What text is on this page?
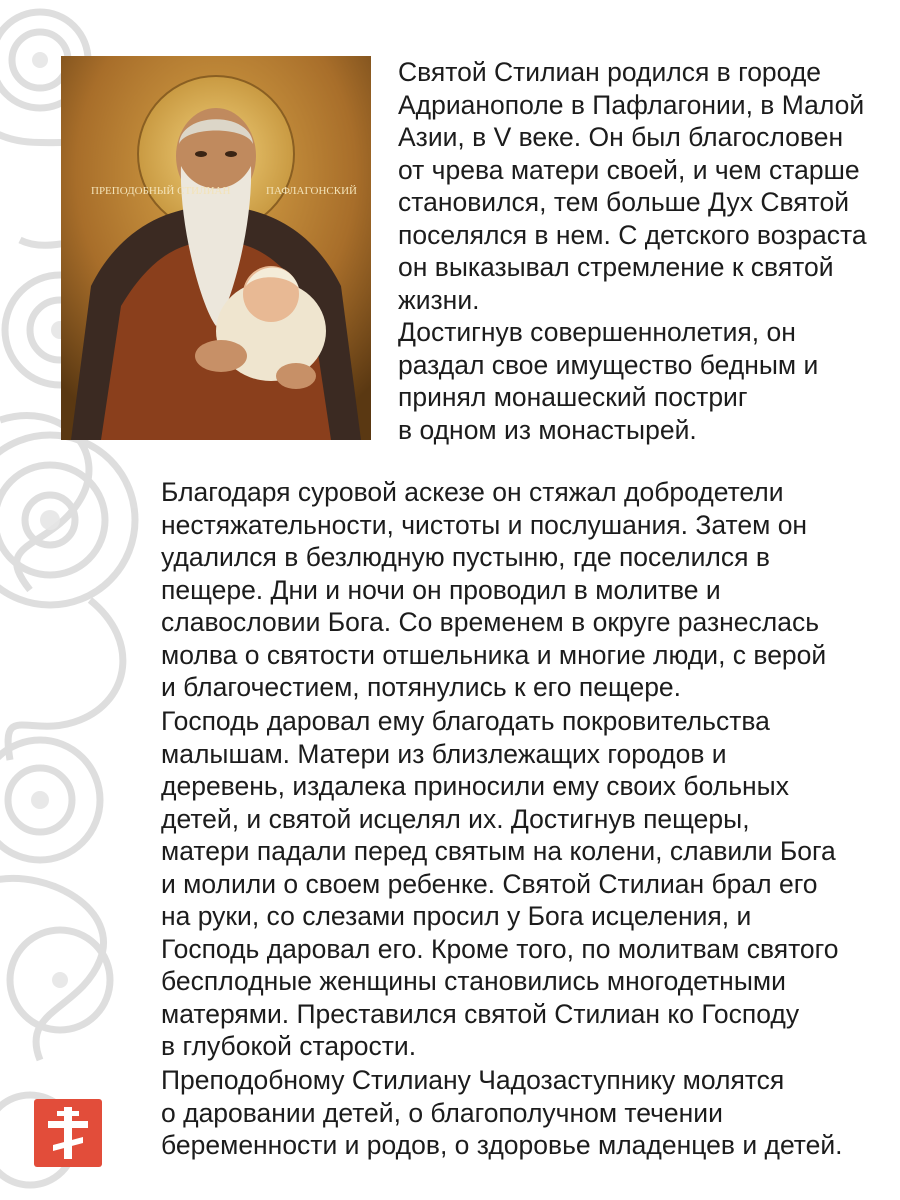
ПРЕПОДОБНЫЙ СТИЛИАН	ПАФЛАГОНСКИЙ
Святой Стилиан родился в городе
Адрианополе в Пафлагонии, в Малой
Азии, в V веке. Он был благословен
от чрева матери своей, и чем старше
становился, тем больше Дух Святой
поселялся в нем. С детского возраста
он выказывал стремление к святой
жизни.
Достигнув совершеннолетия, он
раздал свое имущество бедным и
принял монашеский постриг
в одном из монастырей.
Благодаря суровой аскезе он стяжал добродетели
нестяжательности, чистоты и послушания. Затем он
удалился в безлюдную пустыню, где поселился в
пещере. Дни и ночи он проводил в молитве и
славословии Бога. Со временем в округе разнеслась
молва о святости отшельника и многие люди, с верой
и благочестием, потянулись к его пещере.
Господь даровал ему благодать покровительства
малышам. Матери из близлежащих городов и
деревень, издалека приносили ему своих больных
детей, и святой исцелял их. Достигнув пещеры,
матери падали перед святым на колени, славили Бога
и молили о своем ребенке. Святой Стилиан брал его
на руки, со слезами просил у Бога исцеления, и
Господь даровал его. Кроме того, по молитвам святого
бесплодные женщины становились многодетными
матерями. Преставился святой Стилиан ко Господу
в глубокой старости.
Преподобному Стилиану Чадозаступнику молятся
о даровании детей, о благополучном течении
беременности и родов, о здоровье младенцев и детей.
